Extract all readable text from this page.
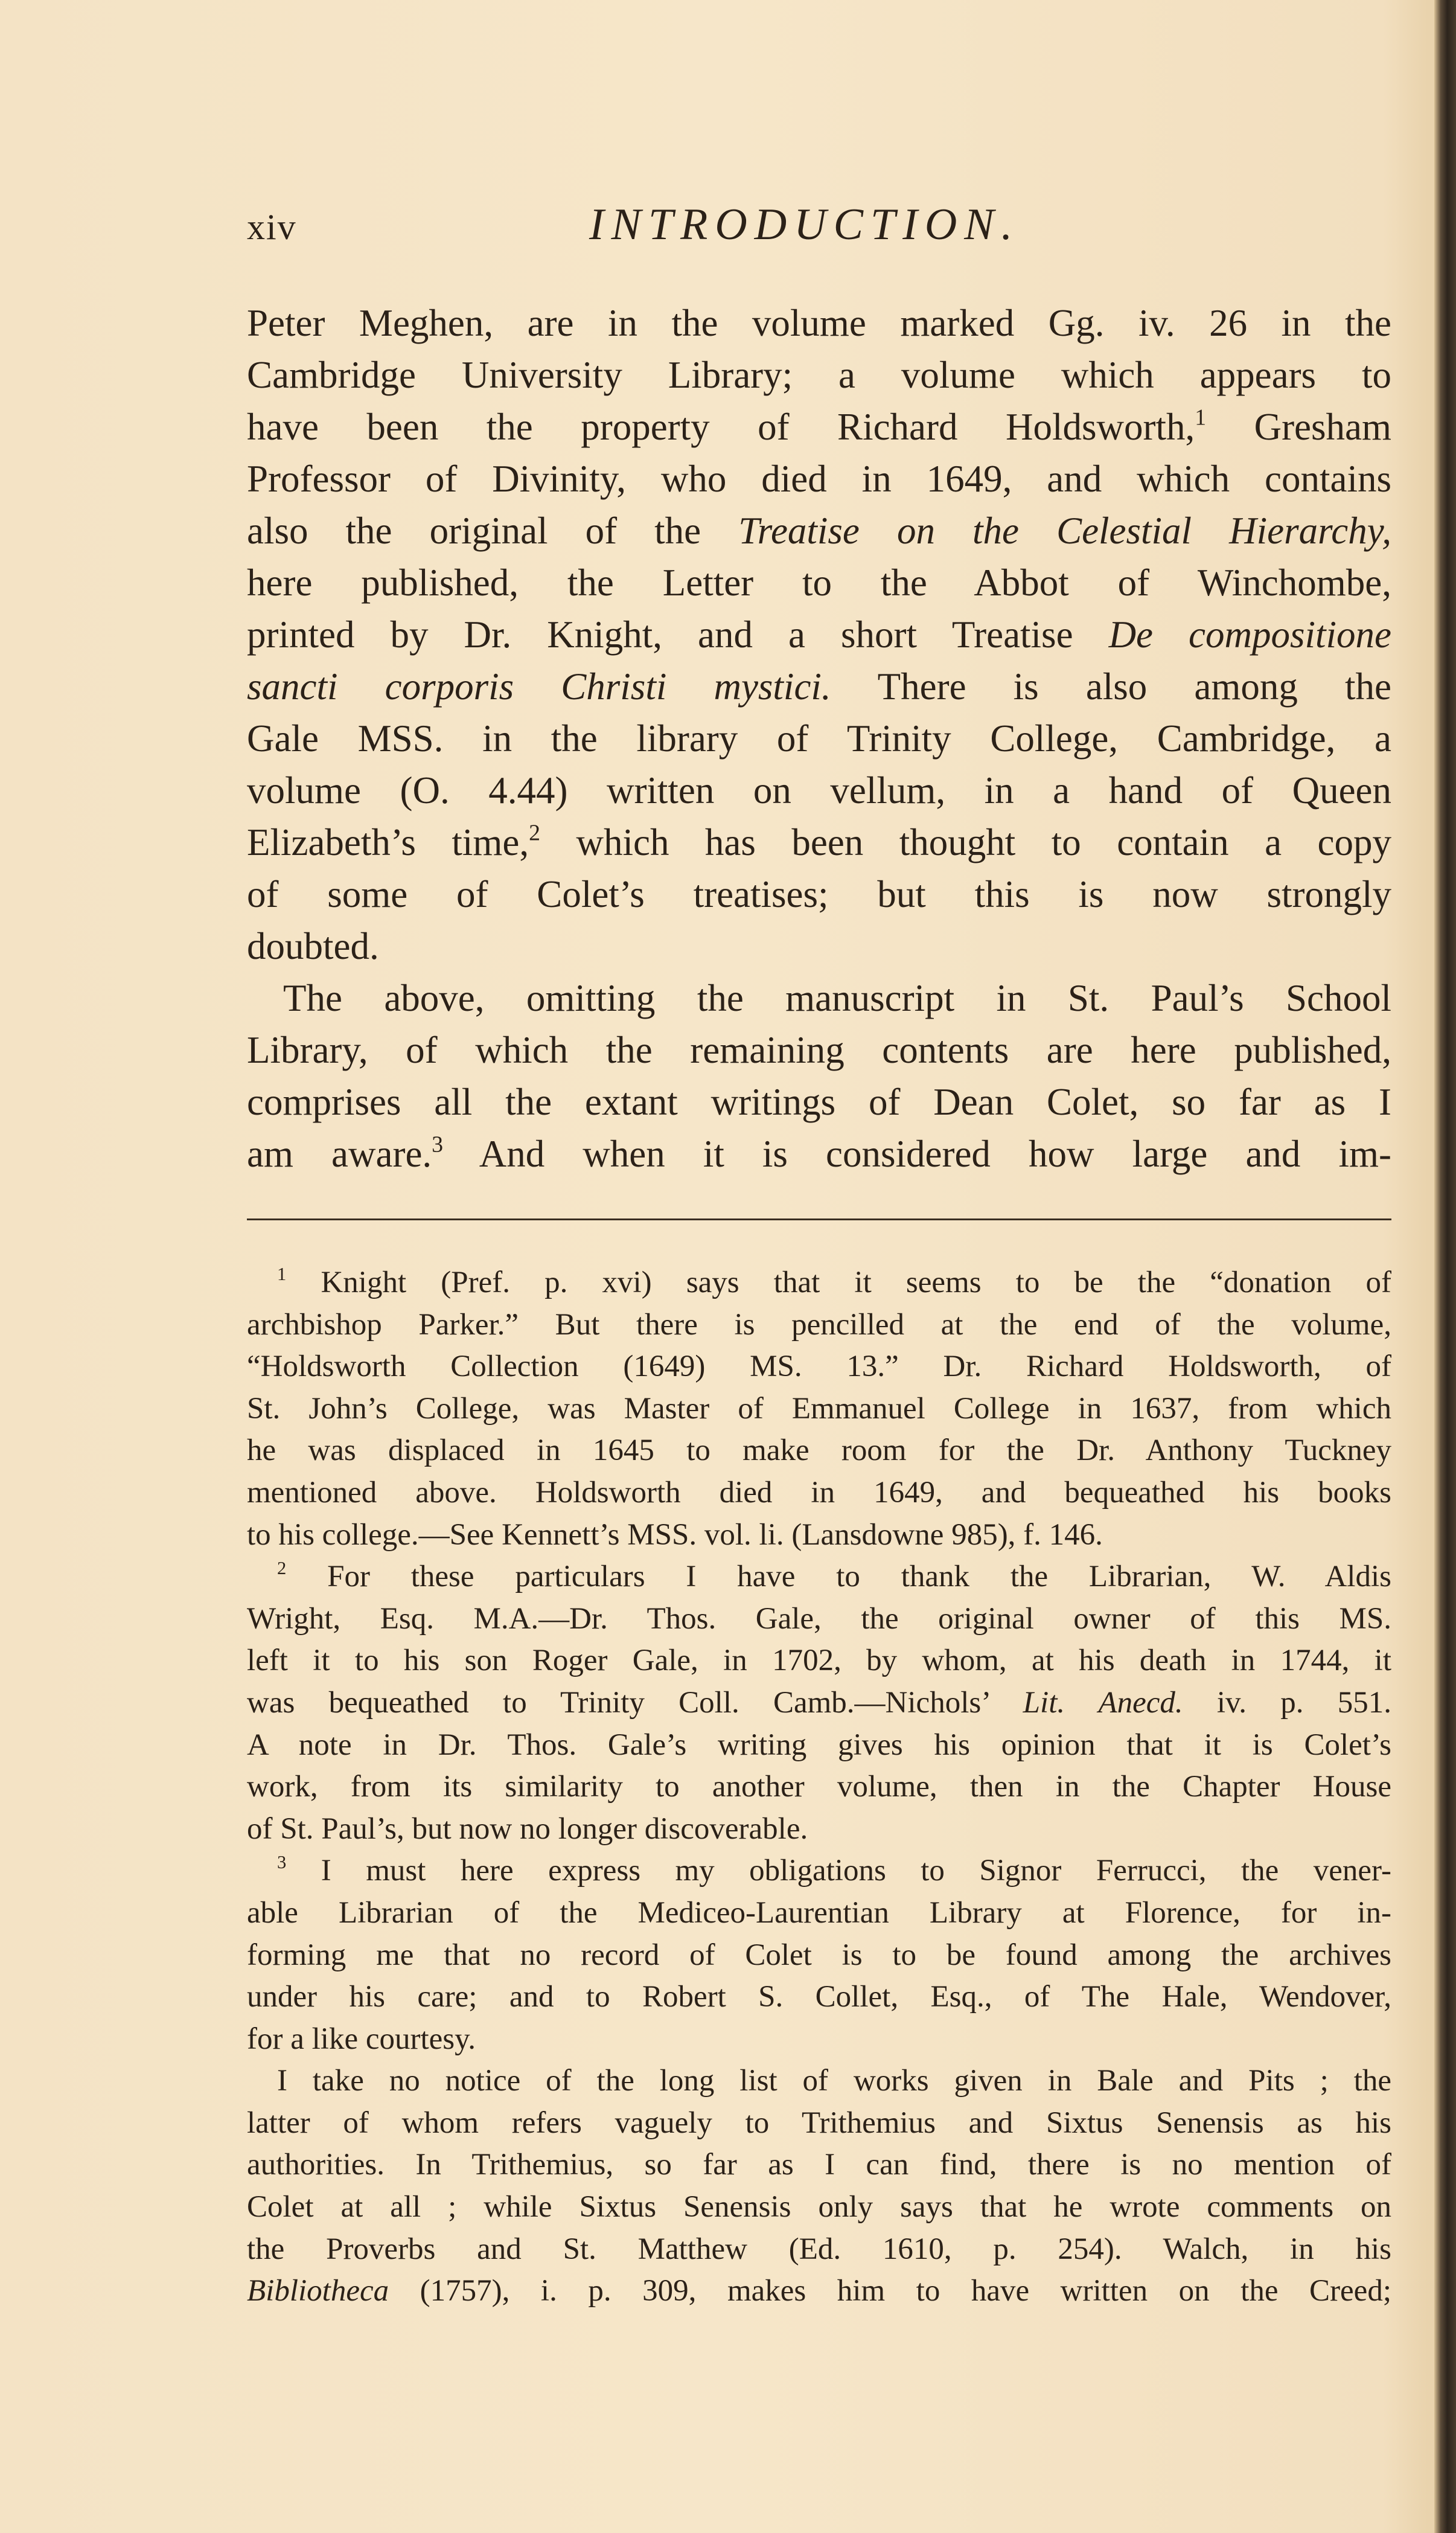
xiv	INTRODUCTION.
Peter Meghen, are in the volume marked Gg. iv. 26 in the
Cambridge University Library; a volume which appears to
have been the property of Richard Holdsworth,$^1$ Gresham
Professor of Divinity, who died in 1649, and which contains
also the original of the Treatise on the Celestial Hierarchy,
here published, the Letter to the Abbot of Winchombe,
printed by Dr. Knight, and a short Treatise De compositione
sancti corporis Christi mystici. There is also among the
Gale MSS. in the library of Trinity College, Cambridge, a
volume (O. 4.44) written on vellum, in a hand of Queen
Elizabeth’s time,$^2$ which has been thought to contain a copy
of some of Colet’s treatises; but this is now strongly
doubted.
The above, omitting the manuscript in St. Paul’s School
Library, of which the remaining contents are here published,
comprises all the extant writings of Dean Colet, so far as I
am aware.$^3$ And when it is considered how large and im-
$^1$ Knight (Pref. p. xvi) says that it seems to be the “donation of
archbishop Parker.” But there is pencilled at the end of the volume,
“Holdsworth Collection (1649) MS. 13.” Dr. Richard Holdsworth, of
St. John’s College, was Master of Emmanuel College in 1637, from which
he was displaced in 1645 to make room for the Dr. Anthony Tuckney
mentioned above. Holdsworth died in 1649, and bequeathed his books
to his college.—See Kennett’s MSS. vol. li. (Lansdowne 985), f. 146.
$^2$ For these particulars I have to thank the Librarian, W. Aldis
Wright, Esq. M.A.—Dr. Thos. Gale, the original owner of this MS.
left it to his son Roger Gale, in 1702, by whom, at his death in 1744, it
was bequeathed to Trinity Coll. Camb.—Nichols’ Lit. Anecd. iv. p. 551.
A note in Dr. Thos. Gale’s writing gives his opinion that it is Colet’s
work, from its similarity to another volume, then in the Chapter House
of St. Paul’s, but now no longer discoverable.
$^3$ I must here express my obligations to Signor Ferrucci, the vener-
able Librarian of the Mediceo-Laurentian Library at Florence, for in-
forming me that no record of Colet is to be found among the archives
under his care; and to Robert S. Collet, Esq., of The Hale, Wendover,
for a like courtesy.
I take no notice of the long list of works given in Bale and Pits ; the
latter of whom refers vaguely to Trithemius and Sixtus Senensis as his
authorities. In Trithemius, so far as I can find, there is no mention of
Colet at all ; while Sixtus Senensis only says that he wrote comments on
the Proverbs and St. Matthew (Ed. 1610, p. 254). Walch, in his
Bibliotheca (1757), i. p. 309, makes him to have written on the Creed;
